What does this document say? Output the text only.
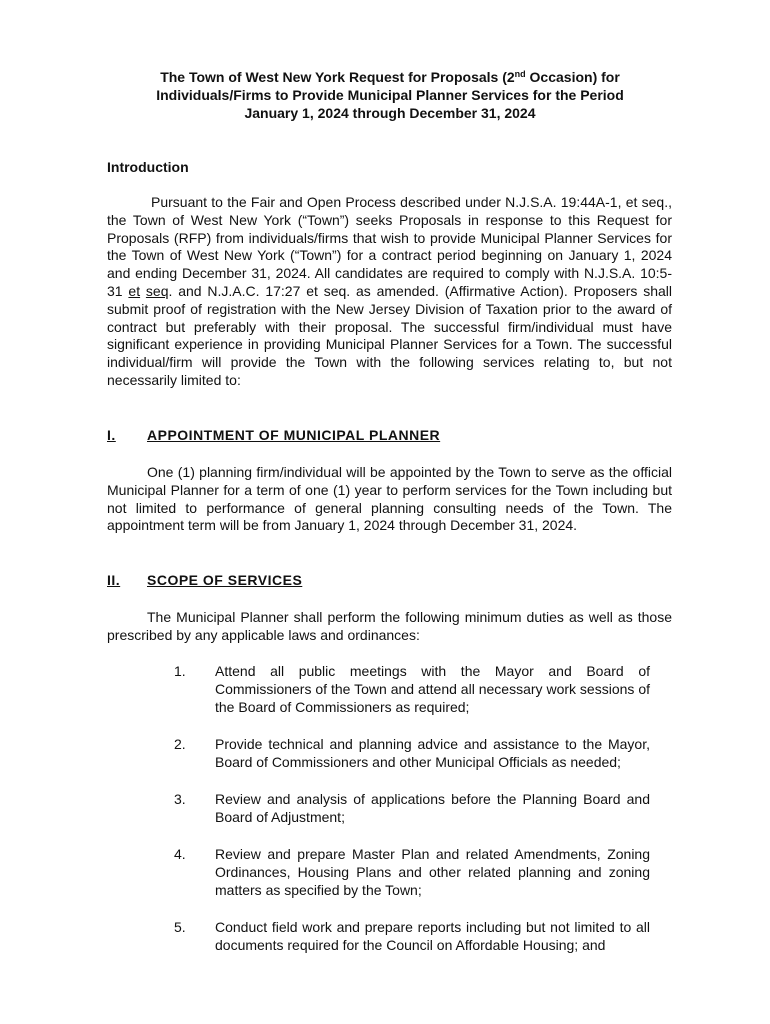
The Town of West New York Request for Proposals (2nd Occasion) for
Individuals/Firms to Provide Municipal Planner Services for the Period
January 1, 2024 through December 31, 2024
Introduction

Pursuant to the Fair and Open Process described under N.J.S.A. 19:44A-1, et seq., the Town of West New York (“Town”) seeks Proposals in response to this Request for Proposals (RFP) from individuals/firms that wish to provide Municipal Planner Services for the Town of West New York (“Town”) for a contract period beginning on January 1, 2024 and ending December 31, 2024. All candidates are required to comply with N.J.S.A. 10:5-31 et seq. and N.J.A.C. 17:27 et seq. as amended. (Affirmative Action). Proposers shall submit proof of registration with the New Jersey Division of Taxation prior to the award of contract but preferably with their proposal. The successful firm/individual must have significant experience in providing Municipal Planner Services for a Town. The successful individual/firm will provide the Town with the following services relating to, but not necessarily limited to:

I. APPOINTMENT OF MUNICIPAL PLANNER

One (1) planning firm/individual will be appointed by the Town to serve as the official Municipal Planner for a term of one (1) year to perform services for the Town including but not limited to performance of general planning consulting needs of the Town. The appointment term will be from January 1, 2024 through December 31, 2024.

II. SCOPE OF SERVICES

The Municipal Planner shall perform the following minimum duties as well as those prescribed by any applicable laws and ordinances:

1.	Attend all public meetings with the Mayor and Board of Commissioners of the Town and attend all necessary work sessions of the Board of Commissioners as required;
2.	Provide technical and planning advice and assistance to the Mayor, Board of Commissioners and other Municipal Officials as needed;
3.	Review and analysis of applications before the Planning Board and Board of Adjustment;
4.	Review and prepare Master Plan and related Amendments, Zoning Ordinances, Housing Plans and other related planning and zoning matters as specified by the Town;
5.	Conduct field work and prepare reports including but not limited to all documents required for the Council on Affordable Housing; and
